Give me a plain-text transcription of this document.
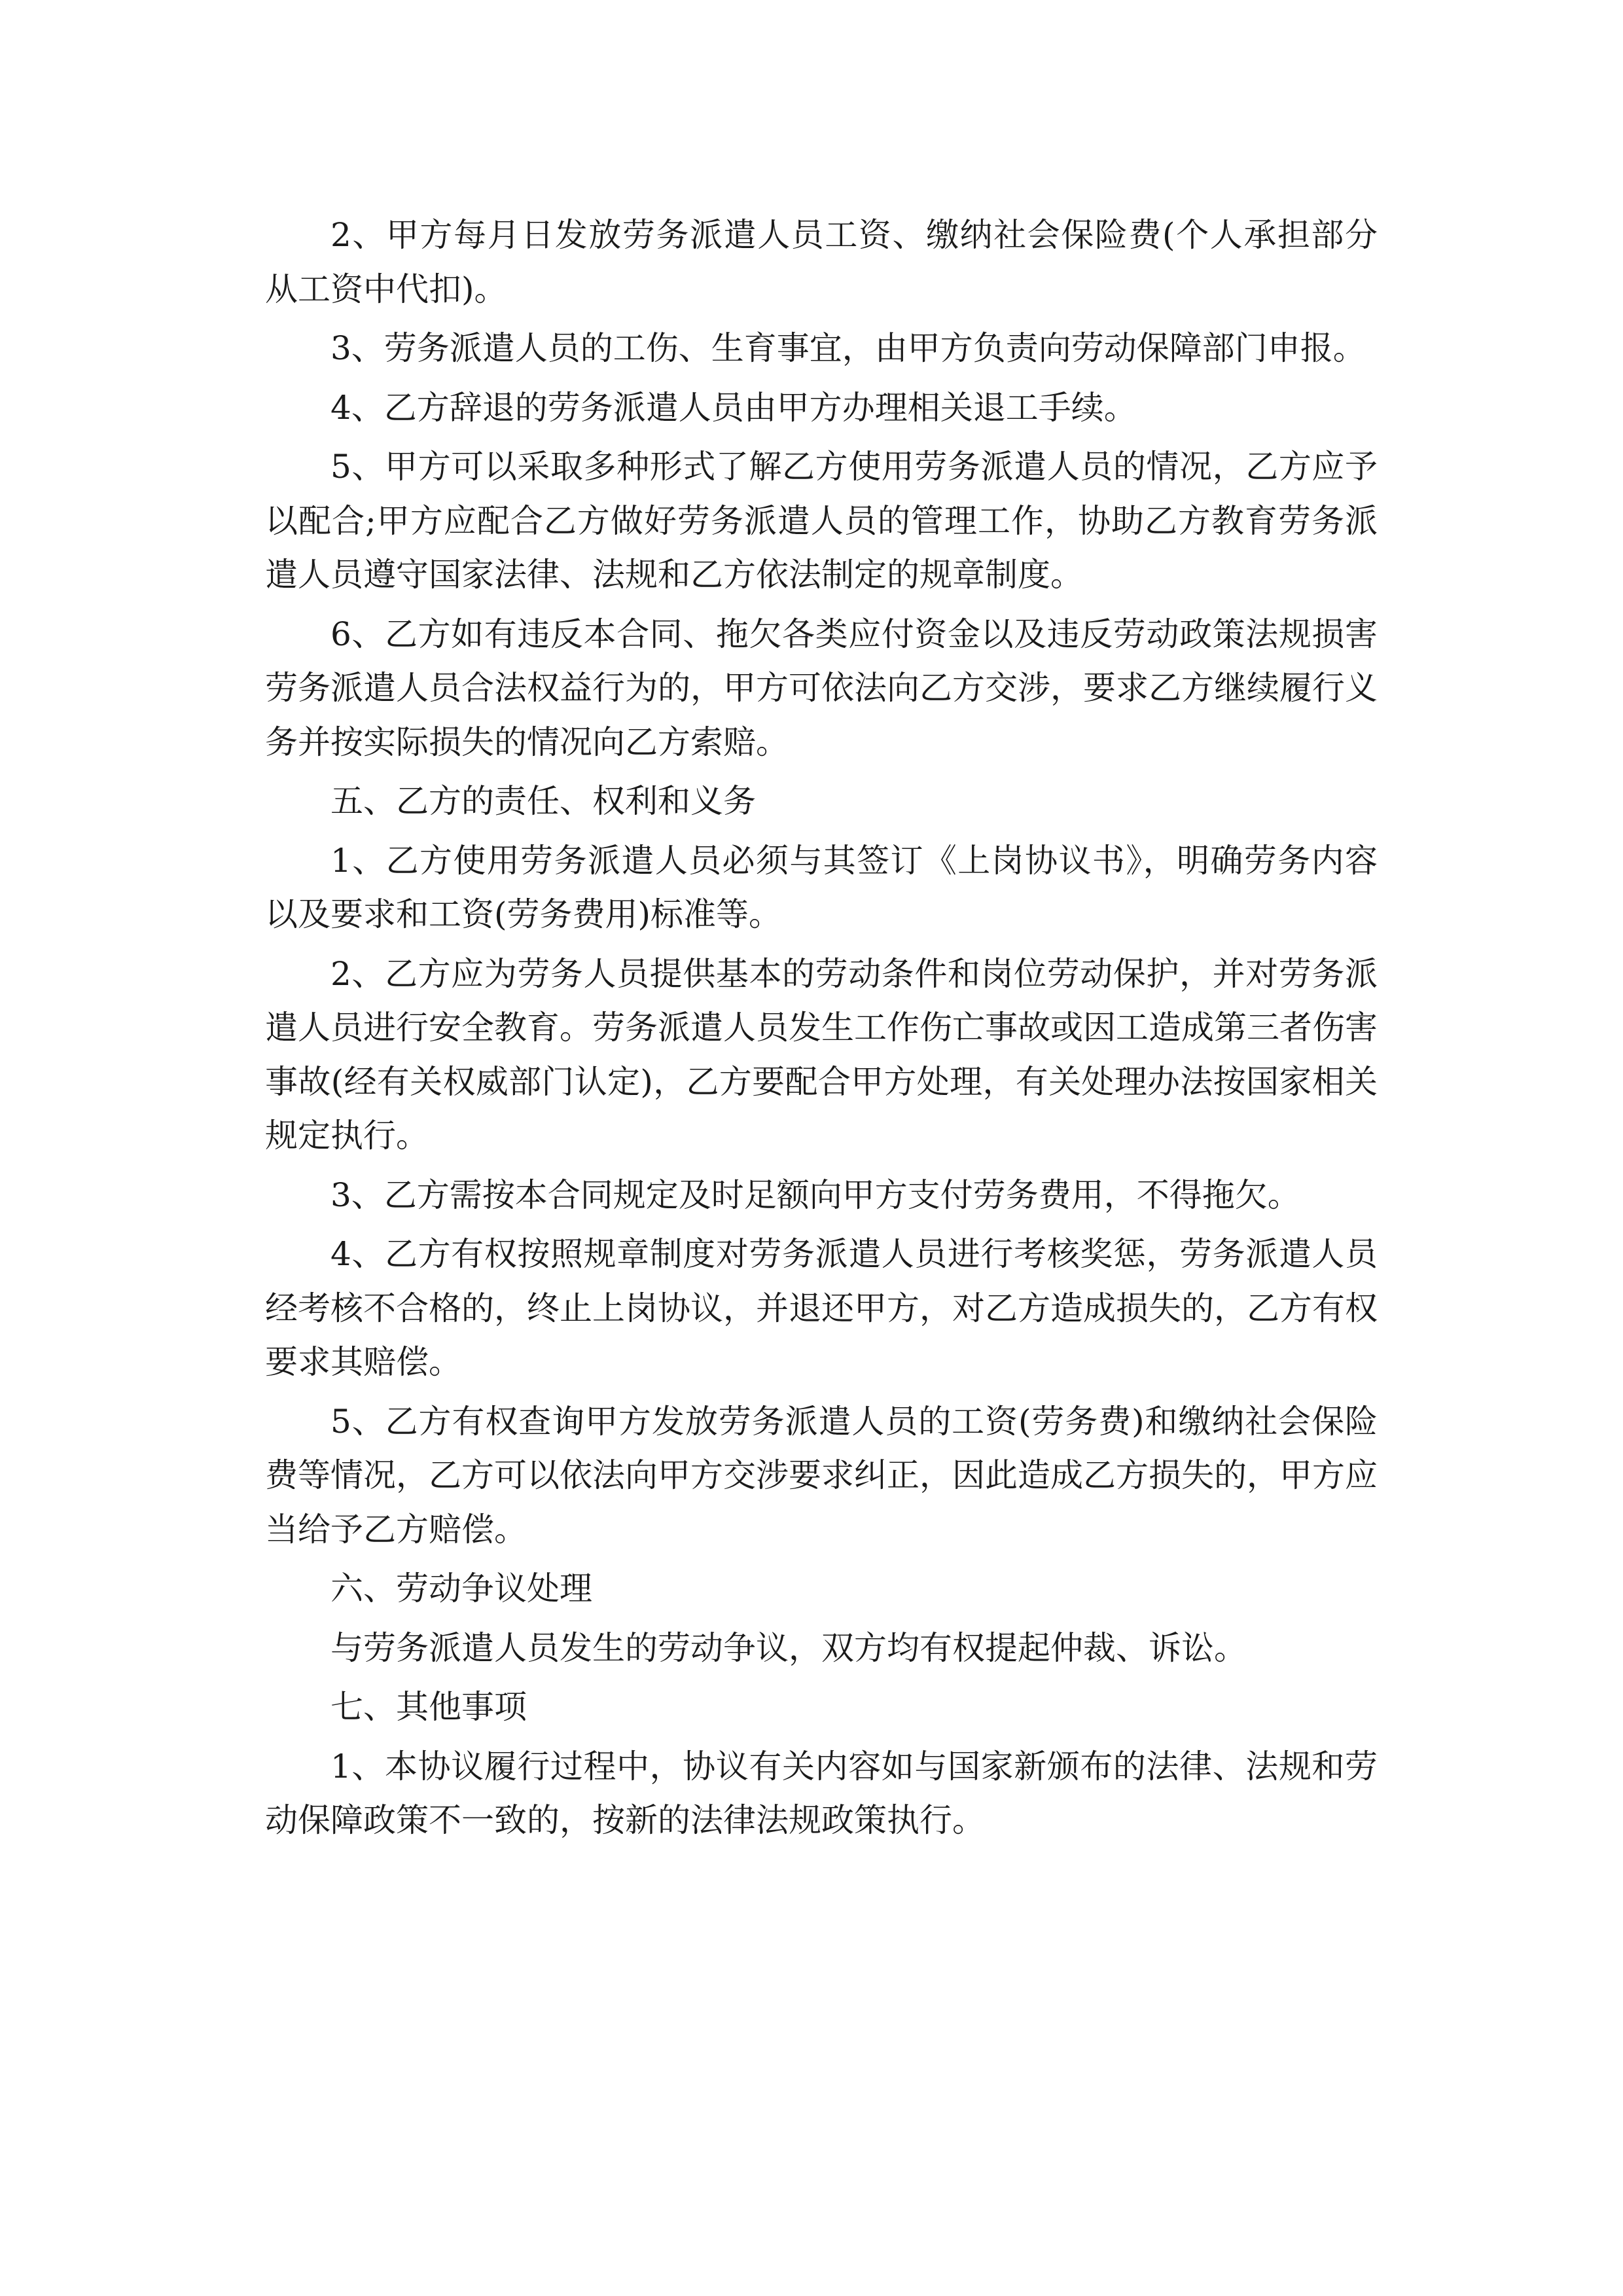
2、甲方每月日发放劳务派遣人员工资、缴纳社会保险费(个人承担部分从工资中代扣)。

3、劳务派遣人员的工伤、生育事宜，由甲方负责向劳动保障部门申报。

4、乙方辞退的劳务派遣人员由甲方办理相关退工手续。

5、甲方可以采取多种形式了解乙方使用劳务派遣人员的情况，乙方应予以配合;甲方应配合乙方做好劳务派遣人员的管理工作，协助乙方教育劳务派遣人员遵守国家法律、法规和乙方依法制定的规章制度。

6、乙方如有违反本合同、拖欠各类应付资金以及违反劳动政策法规损害劳务派遣人员合法权益行为的，甲方可依法向乙方交涉，要求乙方继续履行义务并按实际损失的情况向乙方索赔。

五、乙方的责任、权利和义务

1、乙方使用劳务派遣人员必须与其签订《上岗协议书》，明确劳务内容以及要求和工资(劳务费用)标准等。

2、乙方应为劳务人员提供基本的劳动条件和岗位劳动保护，并对劳务派遣人员进行安全教育。劳务派遣人员发生工作伤亡事故或因工造成第三者伤害事故(经有关权威部门认定)，乙方要配合甲方处理，有关处理办法按国家相关规定执行。

3、乙方需按本合同规定及时足额向甲方支付劳务费用，不得拖欠。

4、乙方有权按照规章制度对劳务派遣人员进行考核奖惩，劳务派遣人员经考核不合格的，终止上岗协议，并退还甲方，对乙方造成损失的，乙方有权要求其赔偿。

5、乙方有权查询甲方发放劳务派遣人员的工资(劳务费)和缴纳社会保险费等情况，乙方可以依法向甲方交涉要求纠正，因此造成乙方损失的，甲方应当给予乙方赔偿。

六、劳动争议处理

与劳务派遣人员发生的劳动争议，双方均有权提起仲裁、诉讼。

七、其他事项

1、本协议履行过程中，协议有关内容如与国家新颁布的法律、法规和劳动保障政策不一致的，按新的法律法规政策执行。
